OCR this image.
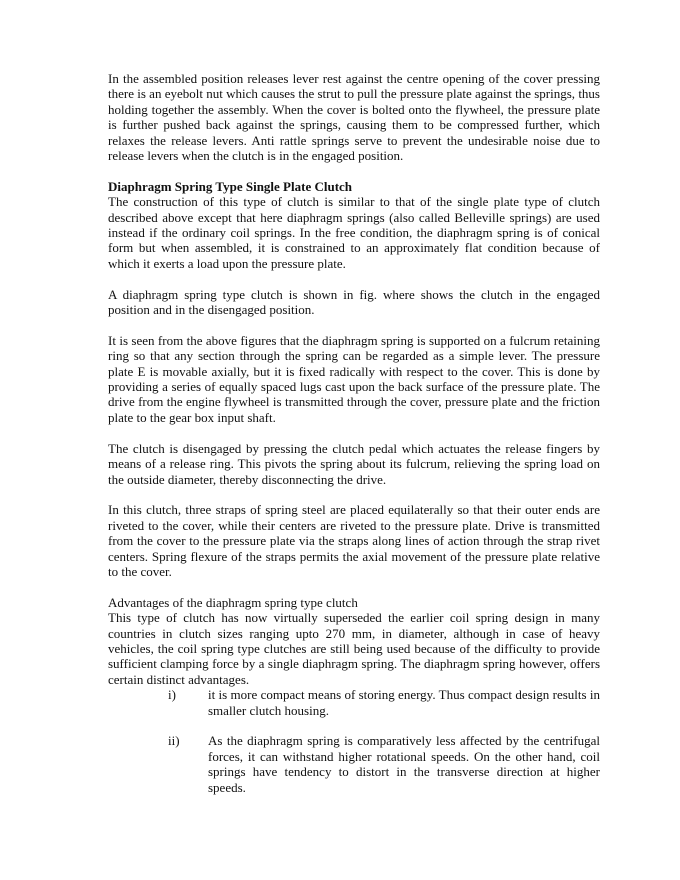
In the assembled position releases lever rest against the centre opening of the cover pressing there is an eyebolt nut which causes the strut to pull the pressure plate against the springs, thus holding together the assembly. When the cover is bolted onto the flywheel, the pressure plate is further pushed back against the springs, causing them to be compressed further, which relaxes the release levers. Anti rattle springs serve to prevent the undesirable noise due to release levers when the clutch is in the engaged position.

Diaphragm Spring Type Single Plate Clutch

The construction of this type of clutch is similar to that of the single plate type of clutch described above except that here diaphragm springs (also called Belleville springs) are used instead if the ordinary coil springs. In the free condition, the diaphragm spring is of conical form but when assembled, it is constrained to an approximately flat condition because of which it exerts a load upon the pressure plate.

A diaphragm spring type clutch is shown in fig. where shows the clutch in the engaged position and in the disengaged position.

It is seen from the above figures that the diaphragm spring is supported on a fulcrum retaining ring so that any section through the spring can be regarded as a simple lever. The pressure plate E is movable axially, but it is fixed radically with respect to the cover. This is done by providing a series of equally spaced lugs cast upon the back surface of the pressure plate. The drive from the engine flywheel is transmitted through the cover, pressure plate and the friction plate to the gear box input shaft.

The clutch is disengaged by pressing the clutch pedal which actuates the release fingers by means of a release ring. This pivots the spring about its fulcrum, relieving the spring load on the outside diameter, thereby disconnecting the drive.

In this clutch, three straps of spring steel are placed equilaterally so that their outer ends are riveted to the cover, while their centers are riveted to the pressure plate. Drive is transmitted from the cover to the pressure plate via the straps along lines of action through the strap rivet centers. Spring flexure of the straps permits the axial movement of the pressure plate relative to the cover.

Advantages of the diaphragm spring type clutch

This type of clutch has now virtually superseded the earlier coil spring design in many countries in clutch sizes ranging upto 270 mm, in diameter, although in case of heavy vehicles, the coil spring type clutches are still being used because of the difficulty to provide sufficient clamping force by a single diaphragm spring. The diaphragm spring however, offers certain distinct advantages.

i) it is more compact means of storing energy. Thus compact design results in smaller clutch housing.
ii) As the diaphragm spring is comparatively less affected by the centrifugal forces, it can withstand higher rotational speeds. On the other hand, coil springs have tendency to distort in the transverse direction at higher speeds.
